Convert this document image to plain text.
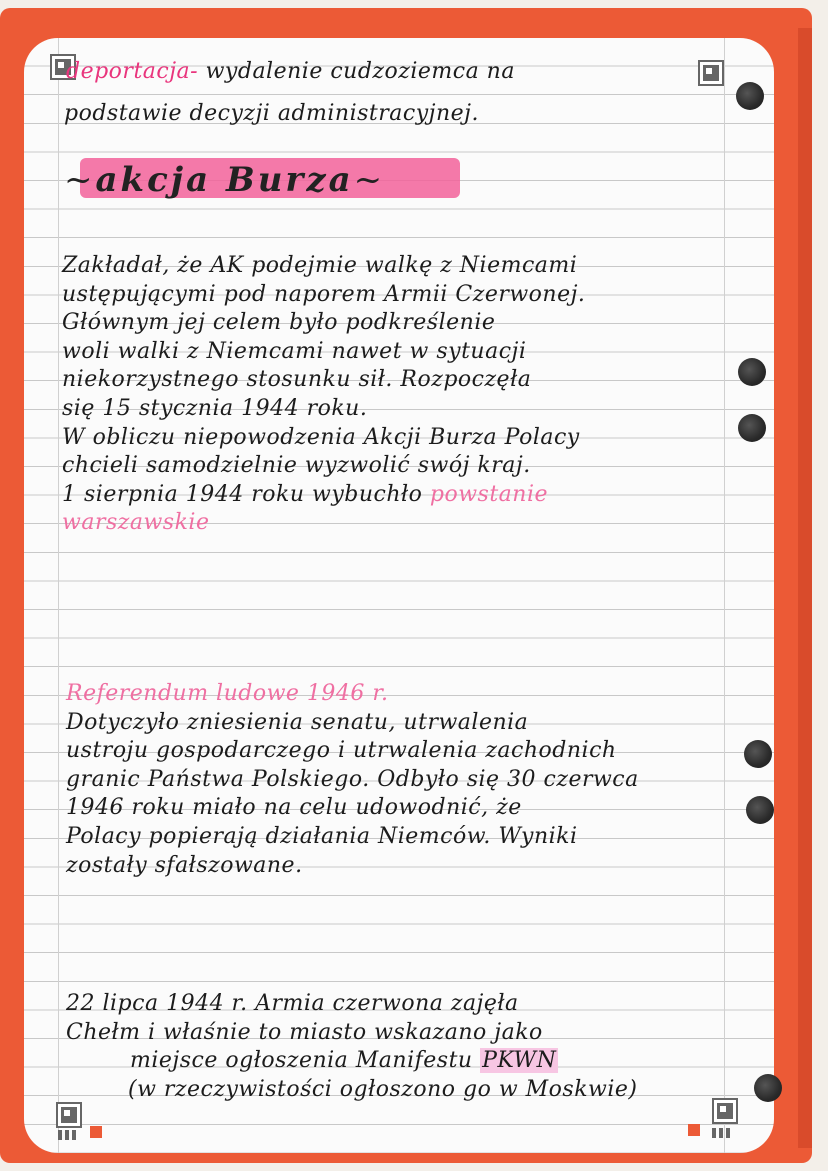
deportacja- wydalenie cudzoziemca na
podstawie decyzji administracyjnej.
~akcja Burza~
Zakładał, że AK podejmie walkę z Niemcami
ustępującymi pod naporem Armii Czerwonej.
Głównym jej celem było podkreślenie
woli walki z Niemcami nawet w sytuacji
niekorzystnego stosunku sił. Rozpoczęła
się 15 stycznia 1944 roku.
W obliczu niepowodzenia Akcji Burza Polacy
chcieli samodzielnie wyzwolić swój kraj.
1 sierpnia 1944 roku wybuchło powstanie
warszawskie
Referendum ludowe 1946 r.
Dotyczyło zniesienia senatu, utrwalenia
ustroju gospodarczego i utrwalenia zachodnich
granic Państwa Polskiego. Odbyło się 30 czerwca
1946 roku miało na celu udowodnić, że
Polacy popierają działania Niemców. Wyniki
zostały sfałszowane.
22 lipca 1944 r. Armia czerwona zajęła
Chełm i właśnie to miasto wskazano jako
miejsce ogłoszenia Manifestu PKWN
(w rzeczywistości ogłoszono go w Moskwie)
